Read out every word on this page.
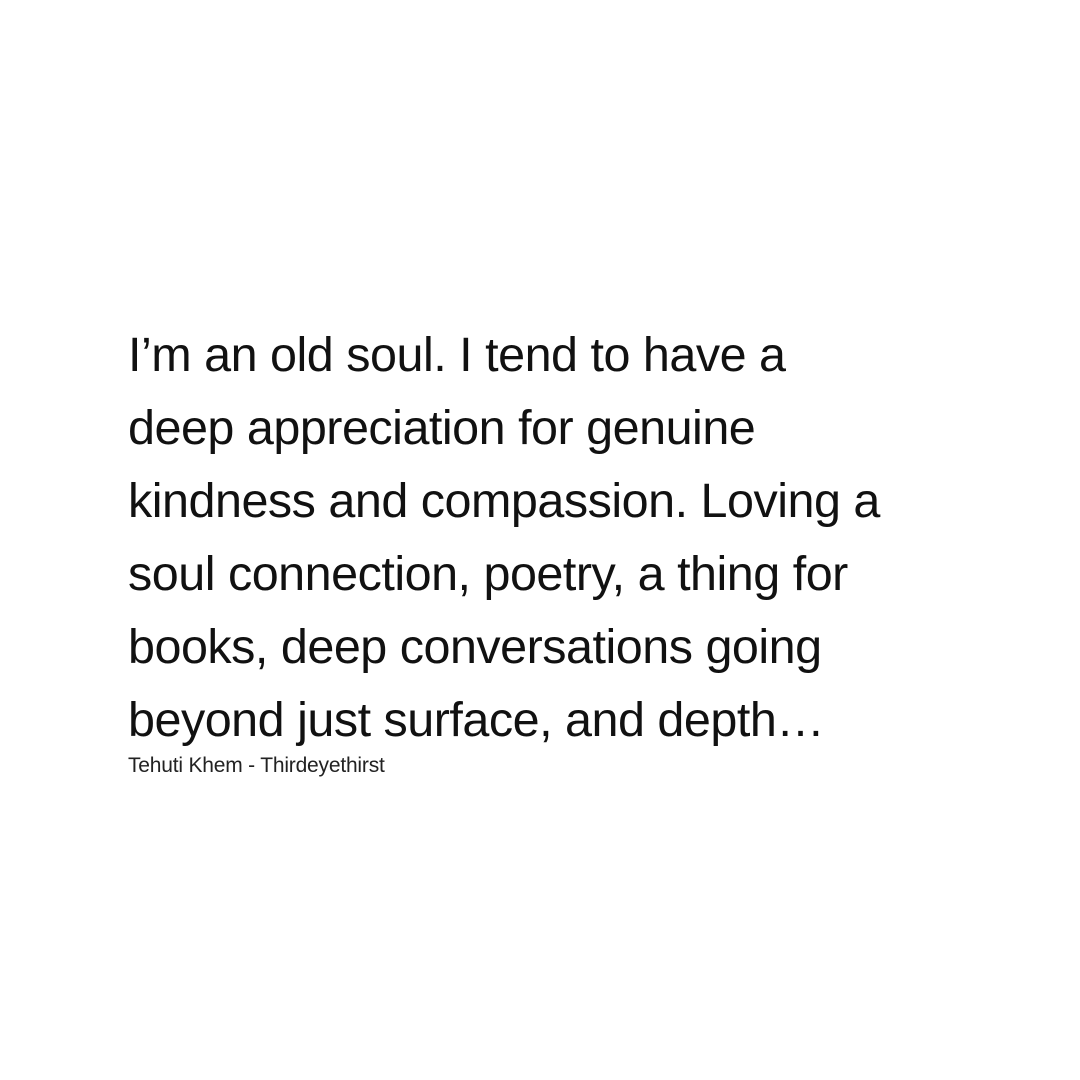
I’m an old soul. I tend to have a
deep appreciation for genuine
kindness and compassion. Loving a
soul connection, poetry, a thing for
books, deep conversations going
beyond just surface, and depth…
Tehuti Khem - Thirdeyethirst
